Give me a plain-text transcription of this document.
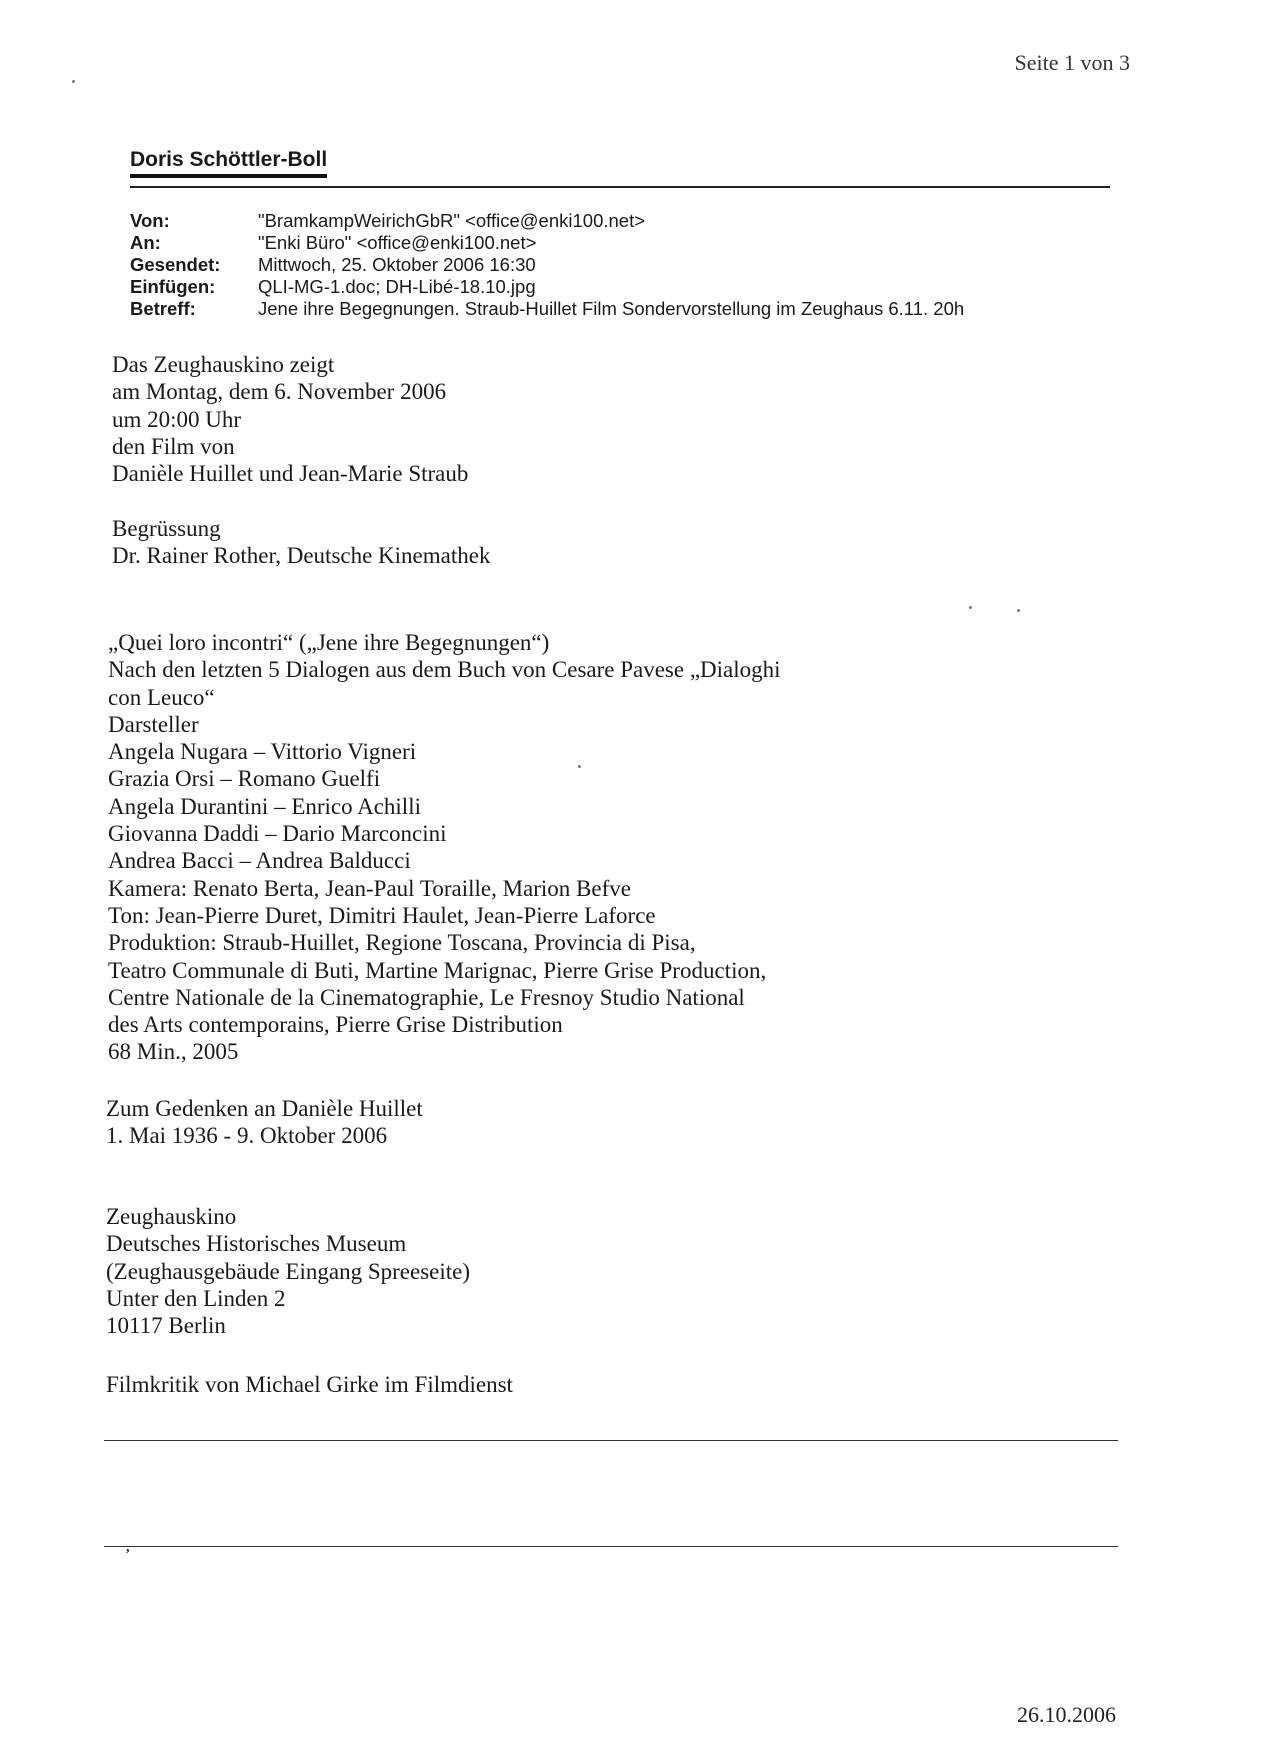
Seite 1 von 3
Doris Schöttler-Boll
Von:	"BramkampWeirichGbR" <office@enki100.net>
An:	"Enki Büro" <office@enki100.net>
Gesendet:	Mittwoch, 25. Oktober 2006 16:30
Einfügen:	QLI-MG-1.doc; DH-Libé-18.10.jpg
Betreff:	Jene ihre Begegnungen. Straub-Huillet Film Sondervorstellung im Zeughaus 6.11. 20h
Das Zeughauskino zeigt
am Montag, dem 6. November 2006
um 20:00 Uhr
den Film von
Danièle Huillet und Jean-Marie Straub
Begrüssung
Dr. Rainer Rother, Deutsche Kinemathek
„Quei loro incontri“ („Jene ihre Begegnungen“)
Nach den letzten 5 Dialogen aus dem Buch von Cesare Pavese „Dialoghi
con Leuco“
Darsteller
Angela Nugara – Vittorio Vigneri
Grazia Orsi – Romano Guelfi
Angela Durantini – Enrico Achilli
Giovanna Daddi – Dario Marconcini
Andrea Bacci – Andrea Balducci
Kamera: Renato Berta, Jean-Paul Toraille, Marion Befve
Ton: Jean-Pierre Duret, Dimitri Haulet, Jean-Pierre Laforce
Produktion: Straub-Huillet, Regione Toscana, Provincia di Pisa,
Teatro Communale di Buti, Martine Marignac, Pierre Grise Production,
Centre Nationale de la Cinematographie, Le Fresnoy Studio National
des Arts contemporains, Pierre Grise Distribution
68 Min., 2005
Zum Gedenken an Danièle Huillet
1. Mai 1936 - 9. Oktober 2006
Zeughauskino
Deutsches Historisches Museum
(Zeughausgebäude Eingang Spreeseite)
Unter den Linden 2
10117 Berlin
Filmkritik von Michael Girke im Filmdienst
,
26.10.2006
